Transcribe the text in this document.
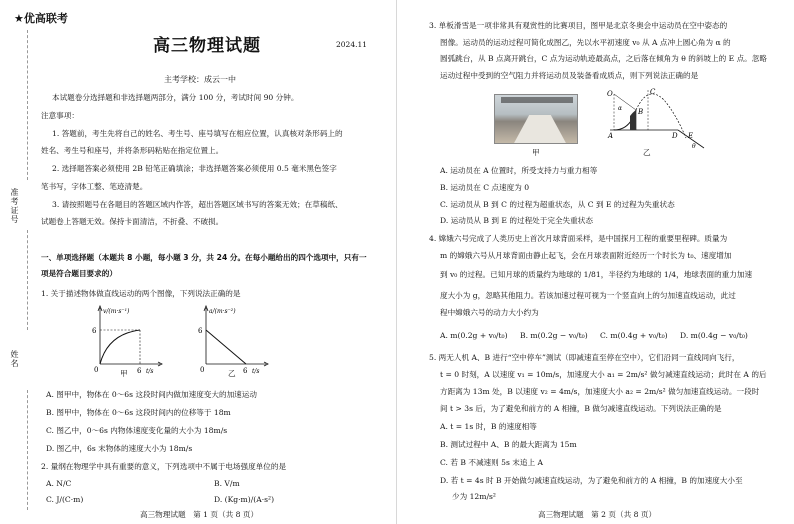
准考证号
姓名
★优高联考
高三物理试题	2024.11
主考学校：成云一中
本试题卷分选择题和非选择题两部分，满分 100 分，考试时间 90 分钟。
注意事项：
1. 答题前，考生先将自己的姓名、考生号、座号填写在相应位置，认真核对条形码上的
姓名、考生号和座号，并将条形码粘贴在指定位置上。
2. 选择题答案必须使用 2B 铅笔正确填涂；非选择题答案必须使用 0.5 毫米黑色签字
笔书写，字体工整、笔迹清楚。
3. 请按照题号在各题目的答题区域内作答，超出答题区域书写的答案无效；在草稿纸、
试题卷上答题无效。保持卡面清洁，不折叠、不破损。
一、单项选择题（本题共 8 小题，每小题 3 分，共 24 分。在每小题给出的四个选项中，只有一
项是符合题目要求的）
1. 关于描述物体做直线运动的两个图像，下列说法正确的是
v/(m·s⁻¹)
6
0	6 t/s
甲
a/(m·s⁻²)
6
0	6 t/s
乙
A. 图甲中，物体在 0～6s 这段时间内做加速度变大的加速运动
B. 图甲中，物体在 0～6s 这段时间内的位移等于 18m
C. 图乙中，0～6s 内物体速度变化量的大小为 18m/s
D. 图乙中，6s 末物体的速度大小为 18m/s
2. 量纲在物理学中具有重要的意义，下列选项中不属于电场强度单位的是
A. N/C	B. V/m
C. J/(C·m)	D. (Kg·m)/(A·s²)
高三物理试题　第 1 页（共 8 页）
3. 单板滑雪是一项非常具有观赏性的比赛项目，图甲是北京冬奥会中运动员在空中姿态的
图像。运动员的运动过程可简化成图乙，先以水平初速度 v₀ 从 A 点冲上圆心角为 α 的
圆弧跳台，从 B 点离开跳台，C 点为运动轨迹最高点，之后落在倾角为 θ 的斜坡上的 E 点。忽略
运动过程中受到的空气阻力并将运动员及装备看成质点，则下列说法正确的是
甲
O
α
A
B
C
D E
θ
乙
A. 运动员在 A 位置时，所受支持力与重力相等
B. 运动员在 C 点速度为 0
C. 运动员从 B 到 C 的过程为超重状态，从 C 到 E 的过程为失重状态
D. 运动员从 B 到 E 的过程处于完全失重状态
4. 嫦娥六号完成了人类历史上首次月球背面采样，是中国探月工程的重要里程碑。质量为
m 的嫦娥六号从月球背面由静止起飞，会在月球表面附近经历一个时长为 t₀、速度增加
到 v₀ 的过程。已知月球的质量约为地球的 1/81，半径约为地球的 1/4，地球表面的重力加速
度大小为 g，忽略其他阻力。若该加速过程可视为一个竖直向上的匀加速直线运动，此过
程中嫦娥六号的动力大小约为
A. m(0.2g + v₀/t₀) B. m(0.2g − v₀/t₀) C. m(0.4g + v₀/t₀) D. m(0.4g − v₀/t₀)
5. 两无人机 A、B 进行“空中停车”测试（即减速直至停在空中），它们沿同一直线同向飞行，
t = 0 时刻，A 以速度 v₁ = 10m/s，加速度大小 a₁ = 2m/s² 做匀减速直线运动；此时在 A 的后
方距离为 13m 处，B 以速度 v₂ = 4m/s，加速度大小 a₂ = 2m/s² 做匀加速直线运动。一段时
间 t > 3s 后，为了避免和前方的 A 相撞，B 做匀减速直线运动。下列说法正确的是
A. t = 1s 时，B 的速度相等
B. 测试过程中 A、B 的最大距离为 15m
C. 若 B 不减速则 5s 末追上 A
D. 若 t = 4s 时 B 开始做匀减速直线运动，为了避免和前方的 A 相撞，B 的加速度大小至
少为 12m/s²
高三物理试题　第 2 页（共 8 页）
